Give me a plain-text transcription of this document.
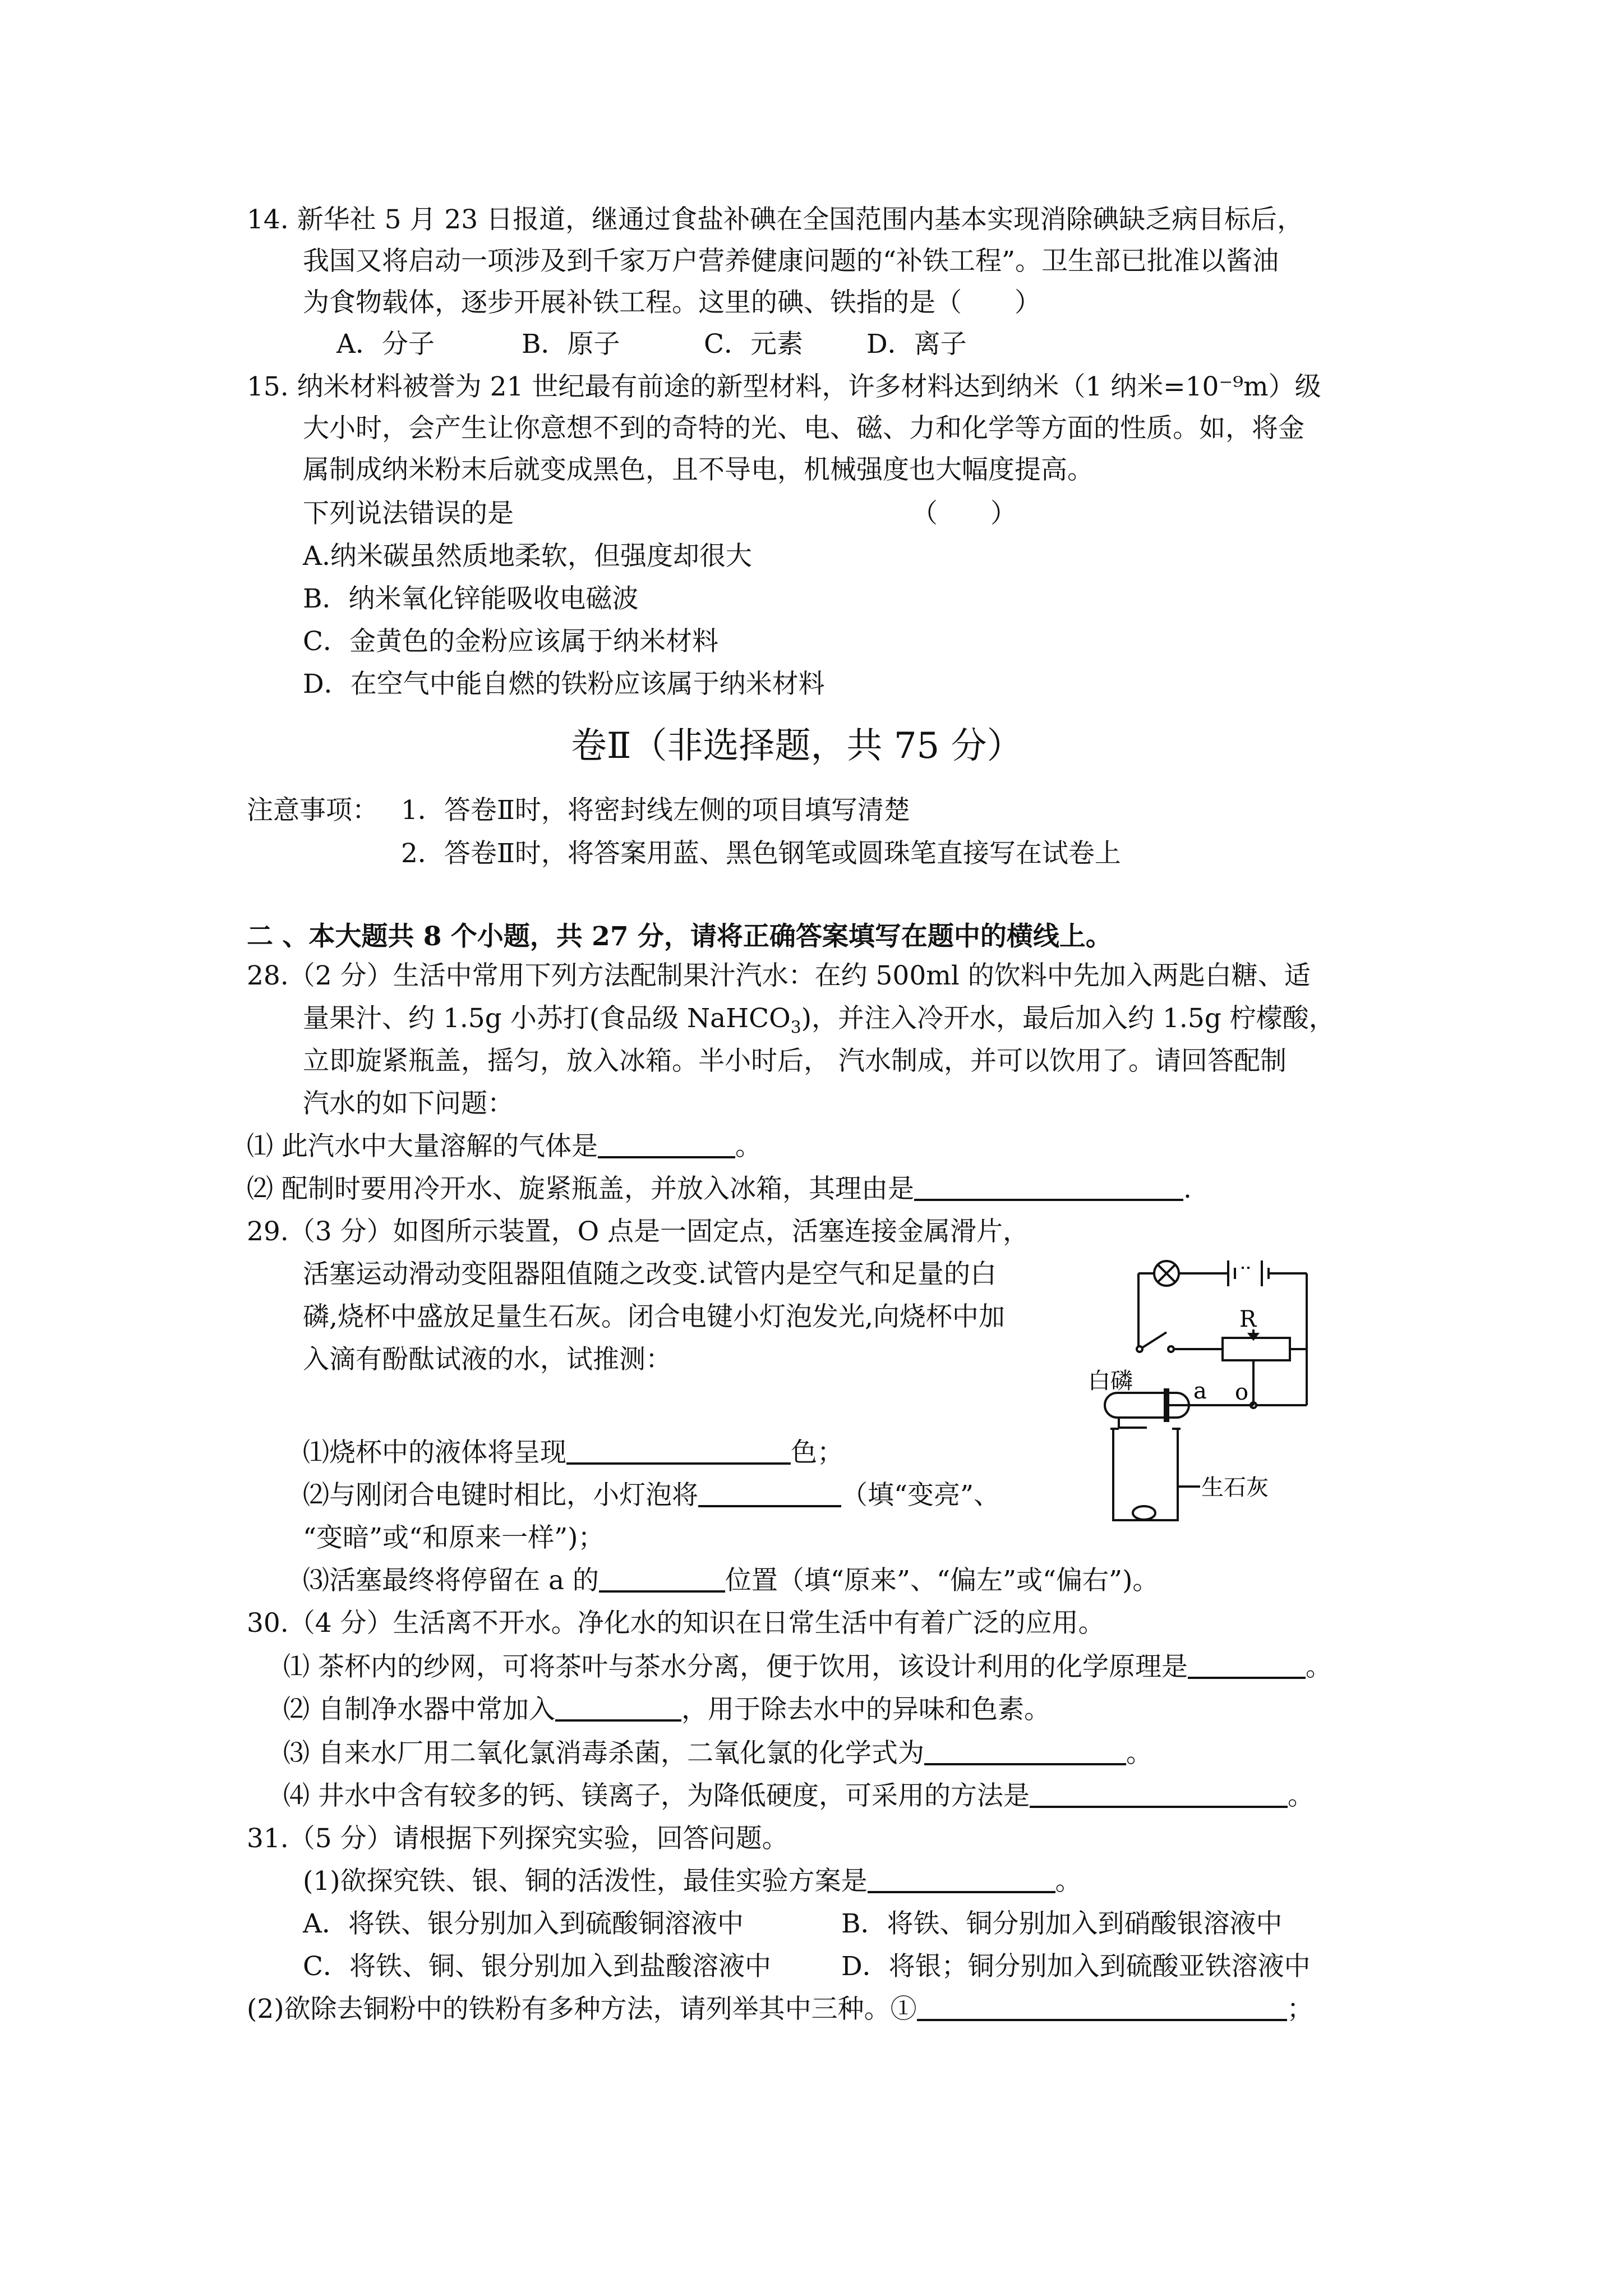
14. 新华社 5 月 23 日报道，继通过食盐补碘在全国范围内基本实现消除碘缺乏病目标后，
我国又将启动一项涉及到千家万户营养健康问题的“补铁工程”。卫生部已批准以酱油
为食物载体，逐步开展补铁工程。这里的碘、铁指的是（　　）
A．分子	B．原子	C．元素 D．离子
15. 纳米材料被誉为 21 世纪最有前途的新型材料，许多材料达到纳米（1 纳米=10⁻⁹m）级
大小时，会产生让你意想不到的奇特的光、电、磁、力和化学等方面的性质。如，将金
属制成纳米粉末后就变成黑色，且不导电，机械强度也大幅度提高。
下列说法错误的是	（　　）
A.纳米碳虽然质地柔软，但强度却很大
B．纳米氧化锌能吸收电磁波
C．金黄色的金粉应该属于纳米材料
D．在空气中能自燃的铁粉应该属于纳米材料
卷Ⅱ（非选择题，共 75 分）
注意事项： 1．答卷Ⅱ时，将密封线左侧的项目填写清楚
2．答卷Ⅱ时，将答案用蓝、黑色钢笔或圆珠笔直接写在试卷上
二 、本大题共 8 个小题，共 27 分，请将正确答案填写在题中的横线上。
28.（2 分）生活中常用下列方法配制果汁汽水：在约 500ml 的饮料中先加入两匙白糖、适
量果汁、约 1.5g 小苏打(食品级 NaHCO$_3$)，并注入冷开水，最后加入约 1.5g 柠檬酸，
立即旋紧瓶盖，摇匀，放入冰箱。半小时后， 汽水制成，并可以饮用了。请回答配制
汽水的如下问题：
⑴ 此汽水中大量溶解的气体是	。
⑵ 配制时要用冷开水、旋紧瓶盖，并放入冰箱，其理由是	.
29.（3 分）如图所示装置，O 点是一固定点，活塞连接金属滑片，
活塞运动滑动变阻器阻值随之改变.试管内是空气和足量的白
磷,烧杯中盛放足量生石灰。闭合电键小灯泡发光,向烧杯中加
入滴有酚酞试液的水，试推测：
⑴烧杯中的液体将呈现	色；
⑵与刚闭合电键时相比，小灯泡将	（填“变亮”、
“变暗”或“和原来一样”)；
⑶活塞最终将停留在 a 的	位置（填“原来”、“偏左”或“偏右”)。
R
白磷	a o
生石灰
30.（4 分）生活离不开水。净化水的知识在日常生活中有着广泛的应用。
⑴ 茶杯内的纱网，可将茶叶与茶水分离，便于饮用，该设计利用的化学原理是	。
⑵ 自制净水器中常加入	，用于除去水中的异味和色素。
⑶ 自来水厂用二氧化氯消毒杀菌，二氧化氯的化学式为	。
⑷ 井水中含有较多的钙、镁离子，为降低硬度，可采用的方法是	。
31.（5 分）请根据下列探究实验，回答问题。
(1)欲探究铁、银、铜的活泼性，最佳实验方案是	。
A．将铁、银分别加入到硫酸铜溶液中	B．将铁、铜分别加入到硝酸银溶液中
C．将铁、铜、银分别加入到盐酸溶液中	D．将银；铜分别加入到硫酸亚铁溶液中
(2)欲除去铜粉中的铁粉有多种方法，请列举其中三种。①	；
